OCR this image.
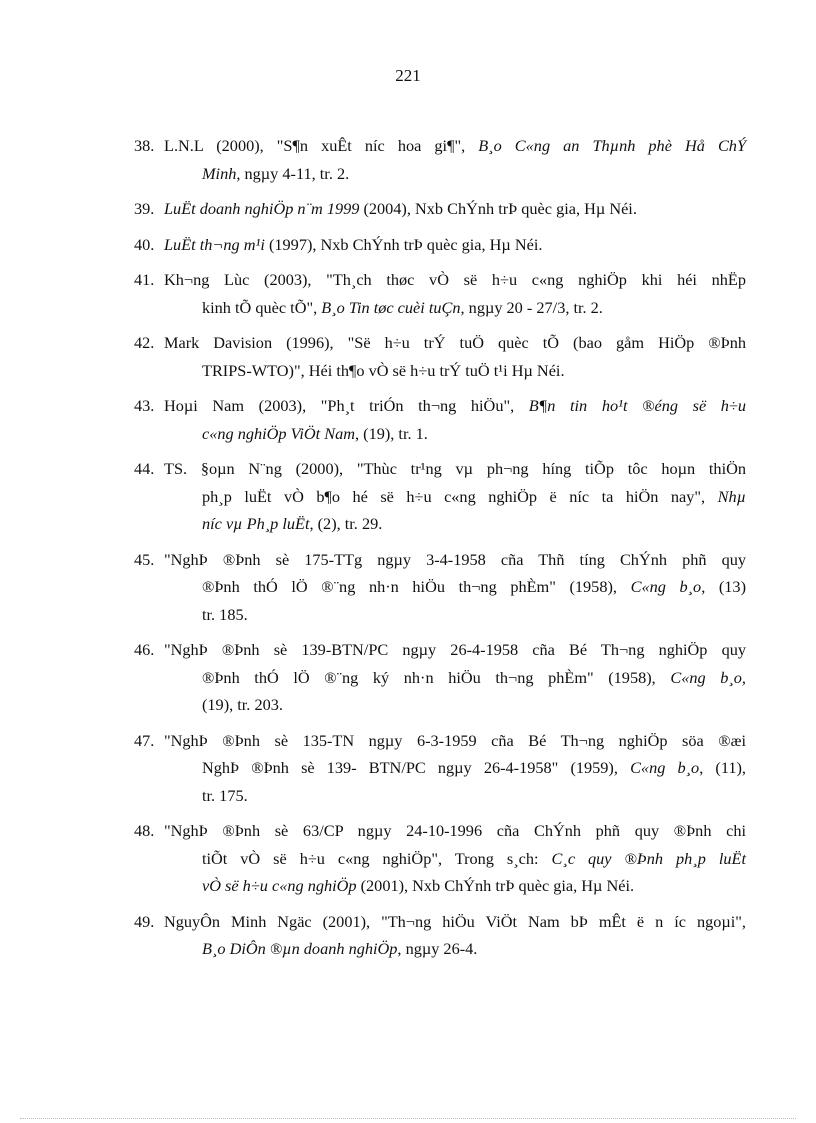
221
38. L.N.L (2000), "S¶n xuÊt níc hoa gi¶", B¸o C«ng an Thµnh phè Hå ChÝ
Minh, ngµy 4-11, tr. 2.
39. LuËt doanh nghiÖp n¨m 1999 (2004), Nxb ChÝnh trÞ quèc gia, Hµ Néi.
40. LuËt th¬ng m¹i (1997), Nxb ChÝnh trÞ quèc gia, Hµ Néi.
41. Kh¬ng Lùc (2003), "Th¸ch thøc vÒ së h÷u c«ng nghiÖp khi héi nhËp
kinh tÕ quèc tÕ", B¸o Tin tøc cuèi tuÇn, ngµy 20 - 27/3, tr. 2.
42. Mark Davision (1996), "Së h÷u trÝ tuÖ quèc tÕ (bao gåm HiÖp ®Þnh
TRIPS-WTO)", Héi th¶o vÒ së h÷u trÝ tuÖ t¹i Hµ Néi.
43. Hoµi Nam (2003), "Ph¸t triÓn th¬ng hiÖu", B¶n tin ho¹t ®éng së h÷u
c«ng nghiÖp ViÖt Nam, (19), tr. 1.
44. TS. §oµn N¨ng (2000), "Thùc tr¹ng vµ ph¬ng híng tiÕp tôc hoµn thiÖn
ph¸p luËt vÒ b¶o hé së h÷u c«ng nghiÖp ë níc ta hiÖn nay", Nhµ
níc vµ Ph¸p luËt, (2), tr. 29.
45. "NghÞ ®Þnh sè 175-TTg ngµy 3-4-1958 cña Thñ tíng ChÝnh phñ quy
®Þnh thÓ lÖ ®¨ng nh·n hiÖu th¬ng phÈm" (1958), C«ng b¸o, (13)
tr. 185.
46. "NghÞ ®Þnh sè 139-BTN/PC ngµy 26-4-1958 cña Bé Th¬ng nghiÖp quy
®Þnh thÓ lÖ ®¨ng ký nh·n hiÖu th¬ng phÈm" (1958), C«ng b¸o,
(19), tr. 203.
47. "NghÞ ®Þnh sè 135-TN ngµy 6-3-1959 cña Bé Th¬ng nghiÖp söa ®æi
NghÞ ®Þnh sè 139- BTN/PC ngµy 26-4-1958" (1959), C«ng b¸o, (11),
tr. 175.
48. "NghÞ ®Þnh sè 63/CP ngµy 24-10-1996 cña ChÝnh phñ quy ®Þnh chi
tiÕt vÒ së h÷u c«ng nghiÖp", Trong s¸ch: C¸c quy ®Þnh ph¸p luËt
vÒ së h÷u c«ng nghiÖp (2001), Nxb ChÝnh trÞ quèc gia, Hµ Néi.
49. NguyÔn Minh Ngäc (2001), "Th¬ng hiÖu ViÖt Nam bÞ mÊt ë n íc ngoµi",
B¸o DiÔn ®µn doanh nghiÖp, ngµy 26-4.
